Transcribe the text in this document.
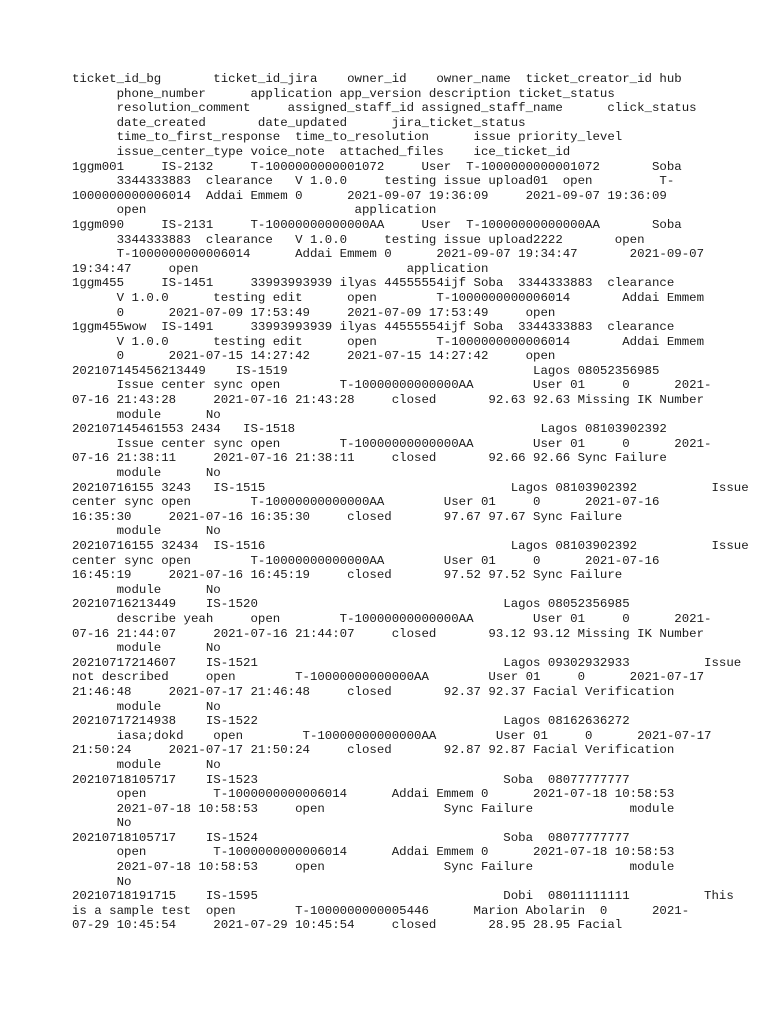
ticket_id_bg       ticket_id_jira    owner_id    owner_name  ticket_creator_id hub
phone_number      application app_version description ticket_status
resolution_comment     assigned_staff_id assigned_staff_name      click_status
date_created       date_updated      jira_ticket_status
time_to_first_response  time_to_resolution      issue priority_level
issue_center_type voice_note  attached_files    ice_ticket_id
1ggm001     IS-2132     T-1000000000001072     User  T-1000000000001072       Soba
3344333883  clearance   V 1.0.0     testing issue upload01  open         T-
1000000000006014  Addai Emmem 0      2021-09-07 19:36:09     2021-09-07 19:36:09
open                            application
1ggm090     IS-2131     T-10000000000000AA     User  T-10000000000000AA       Soba
3344333883  clearance   V 1.0.0     testing issue upload2222       open
T-1000000000006014      Addai Emmem 0      2021-09-07 19:34:47       2021-09-07
19:34:47     open                            application
1ggm455     IS-1451     33993993939 ilyas 44555554ijf Soba  3344333883  clearance
V 1.0.0      testing edit      open        T-1000000000006014       Addai Emmem
0      2021-07-09 17:53:49     2021-07-09 17:53:49     open
1ggm455wow  IS-1491     33993993939 ilyas 44555554ijf Soba  3344333883  clearance
V 1.0.0      testing edit      open        T-1000000000006014       Addai Emmem
0      2021-07-15 14:27:42     2021-07-15 14:27:42     open
202107145456213449    IS-1519                                 Lagos 08052356985
Issue center sync open        T-10000000000000AA        User 01     0      2021-
07-16 21:43:28     2021-07-16 21:43:28     closed       92.63 92.63 Missing IK Number
module      No
202107145461553 2434   IS-1518                                 Lagos 08103902392
Issue center sync open        T-10000000000000AA        User 01     0      2021-
07-16 21:38:11     2021-07-16 21:38:11     closed       92.66 92.66 Sync Failure
module      No
20210716155 3243   IS-1515                                 Lagos 08103902392          Issue
center sync open        T-10000000000000AA        User 01     0      2021-07-16
16:35:30     2021-07-16 16:35:30     closed       97.67 97.67 Sync Failure
module      No
20210716155 32434  IS-1516                                 Lagos 08103902392          Issue
center sync open        T-10000000000000AA        User 01     0      2021-07-16
16:45:19     2021-07-16 16:45:19     closed       97.52 97.52 Sync Failure
module      No
20210716213449    IS-1520                                 Lagos 08052356985
describe yeah     open        T-10000000000000AA        User 01     0      2021-
07-16 21:44:07     2021-07-16 21:44:07     closed       93.12 93.12 Missing IK Number
module      No
20210717214607    IS-1521                                 Lagos 09302932933          Issue
not described     open        T-10000000000000AA        User 01     0      2021-07-17
21:46:48     2021-07-17 21:46:48     closed       92.37 92.37 Facial Verification
module      No
20210717214938    IS-1522                                 Lagos 08162636272
iasa;dokd    open        T-10000000000000AA        User 01     0      2021-07-17
21:50:24     2021-07-17 21:50:24     closed       92.87 92.87 Facial Verification
module      No
20210718105717    IS-1523                                 Soba  08077777777
open         T-1000000000006014      Addai Emmem 0      2021-07-18 10:58:53
2021-07-18 10:58:53     open                Sync Failure             module
No
20210718105717    IS-1524                                 Soba  08077777777
open         T-1000000000006014      Addai Emmem 0      2021-07-18 10:58:53
2021-07-18 10:58:53     open                Sync Failure             module
No
20210718191715    IS-1595                                 Dobi  08011111111          This
is a sample test  open        T-1000000000005446      Marion Abolarin  0      2021-
07-29 10:45:54     2021-07-29 10:45:54     closed       28.95 28.95 Facial
